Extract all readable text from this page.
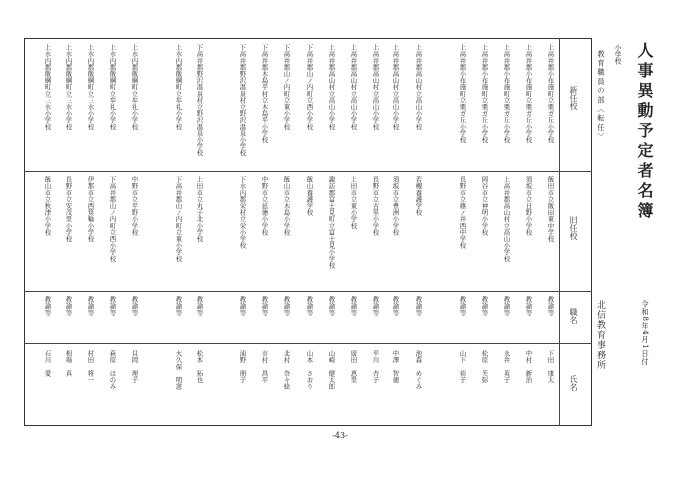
新任校
旧任校
職名
氏名
人事異動予定者名簿
小学校
教育職員の部〈転任〉
北信教育事務所	令和8年4月1日付
上高井郡小布施町立栗ガ丘小学校
飯田市立飯田東中学校
教諭等
下田　康太
上高井郡小布施町立栗ガ丘小学校
須坂市立日野小学校
教諭等
中村　新治
上高井郡小布施町立栗ガ丘小学校
上高井郡高山村立高山小学校
教諭等
永井　英子
上高井郡小布施町立栗ガ丘小学校
岡谷市立神明小学校
教諭等
松原　芙弥
上高井郡小布施町立栗ガ丘小学校
長野市立篠ノ井西中学校
教諭等
山下　裕子
上高井郡高山村立高山小学校
若槻養護学校
教諭等
池森　めぐみ
上高井郡高山村立高山小学校
須坂市立豊洲小学校
教諭等
中澤　智徳
上高井郡高山村立高山小学校
長野市立古里小学校
教諭等
平川　杏子
上高井郡高山村立高山小学校
上田市立東小学校
教諭等
廣田　恵里
上高井郡高山村立高山小学校
諏訪郡富士見町立富士見小学校
教諭等
山崎　健太郎
下高井郡山ノ内町立西小学校
飯山養護学校
教諭等
山本　さおり
下高井郡山ノ内町立東小学校
飯山市立木島小学校
教諭等
北村　奈々絵
下高井郡木島平村立木島平小学校
中野市立延徳小学校
教諭等
市村　昌平
下高井郡野沢温泉村立野沢温泉小学校
下水内郡栄村立栄小学校
教諭等
浦野　朋子
下高井郡野沢温泉村立野沢温泉小学校
上田市立丸子北小学校
教諭等
松本　拓也
上水内郡飯綱町立牟礼小学校
下高井郡山ノ内町立東小学校
教諭等
大久保　明憲
上水内郡飯綱町立牟礼小学校
中野市立平野小学校
教諭等
貝岡　理子
上水内郡飯綱町立牟礼小学校
下高井郡山ノ内町立西小学校
教諭等
萩原　ほのみ
上水内郡飯綱町立三水小学校
伊那市立西箕輪小学校
教諭等
村田　将一
上水内郡飯綱町立三水小学校
長野市立安茂里小学校
教諭等
相場　真
上水内郡飯綱町立三水小学校
飯山市立秋津小学校
教諭等
石川　愛
-43-
